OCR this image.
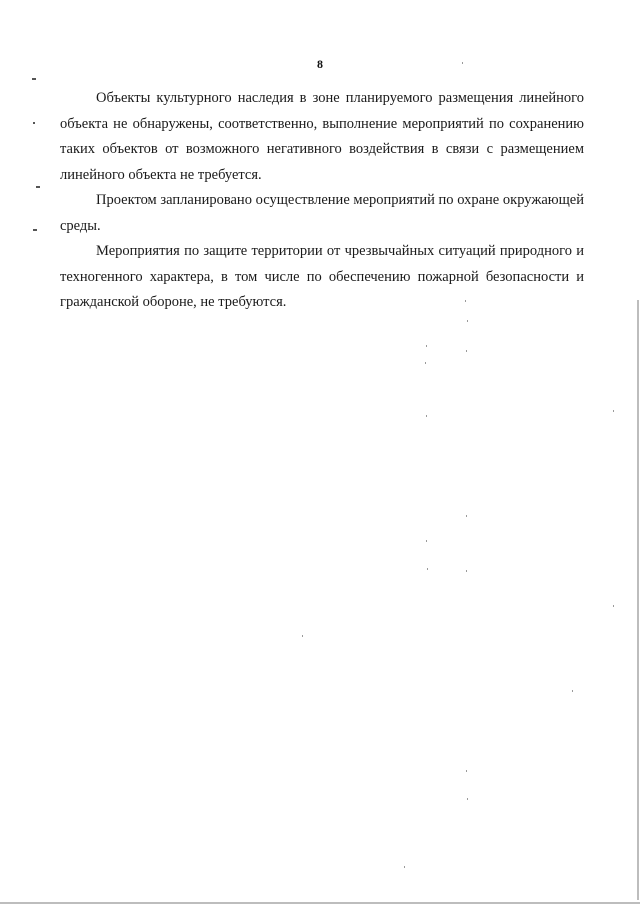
8

Объекты культурного наследия в зоне планируемого размещения линейного объекта не обнаружены, соответственно, выполнение мероприятий по сохранению таких объектов от возможного негативного воздействия в связи с размещением линейного объекта не требуется.

Проектом запланировано осуществление мероприятий по охране окружающей среды.

Мероприятия по защите территории от чрезвычайных ситуаций природного и техногенного характера, в том числе по обеспечению пожарной безопасности и гражданской обороне, не требуются.
